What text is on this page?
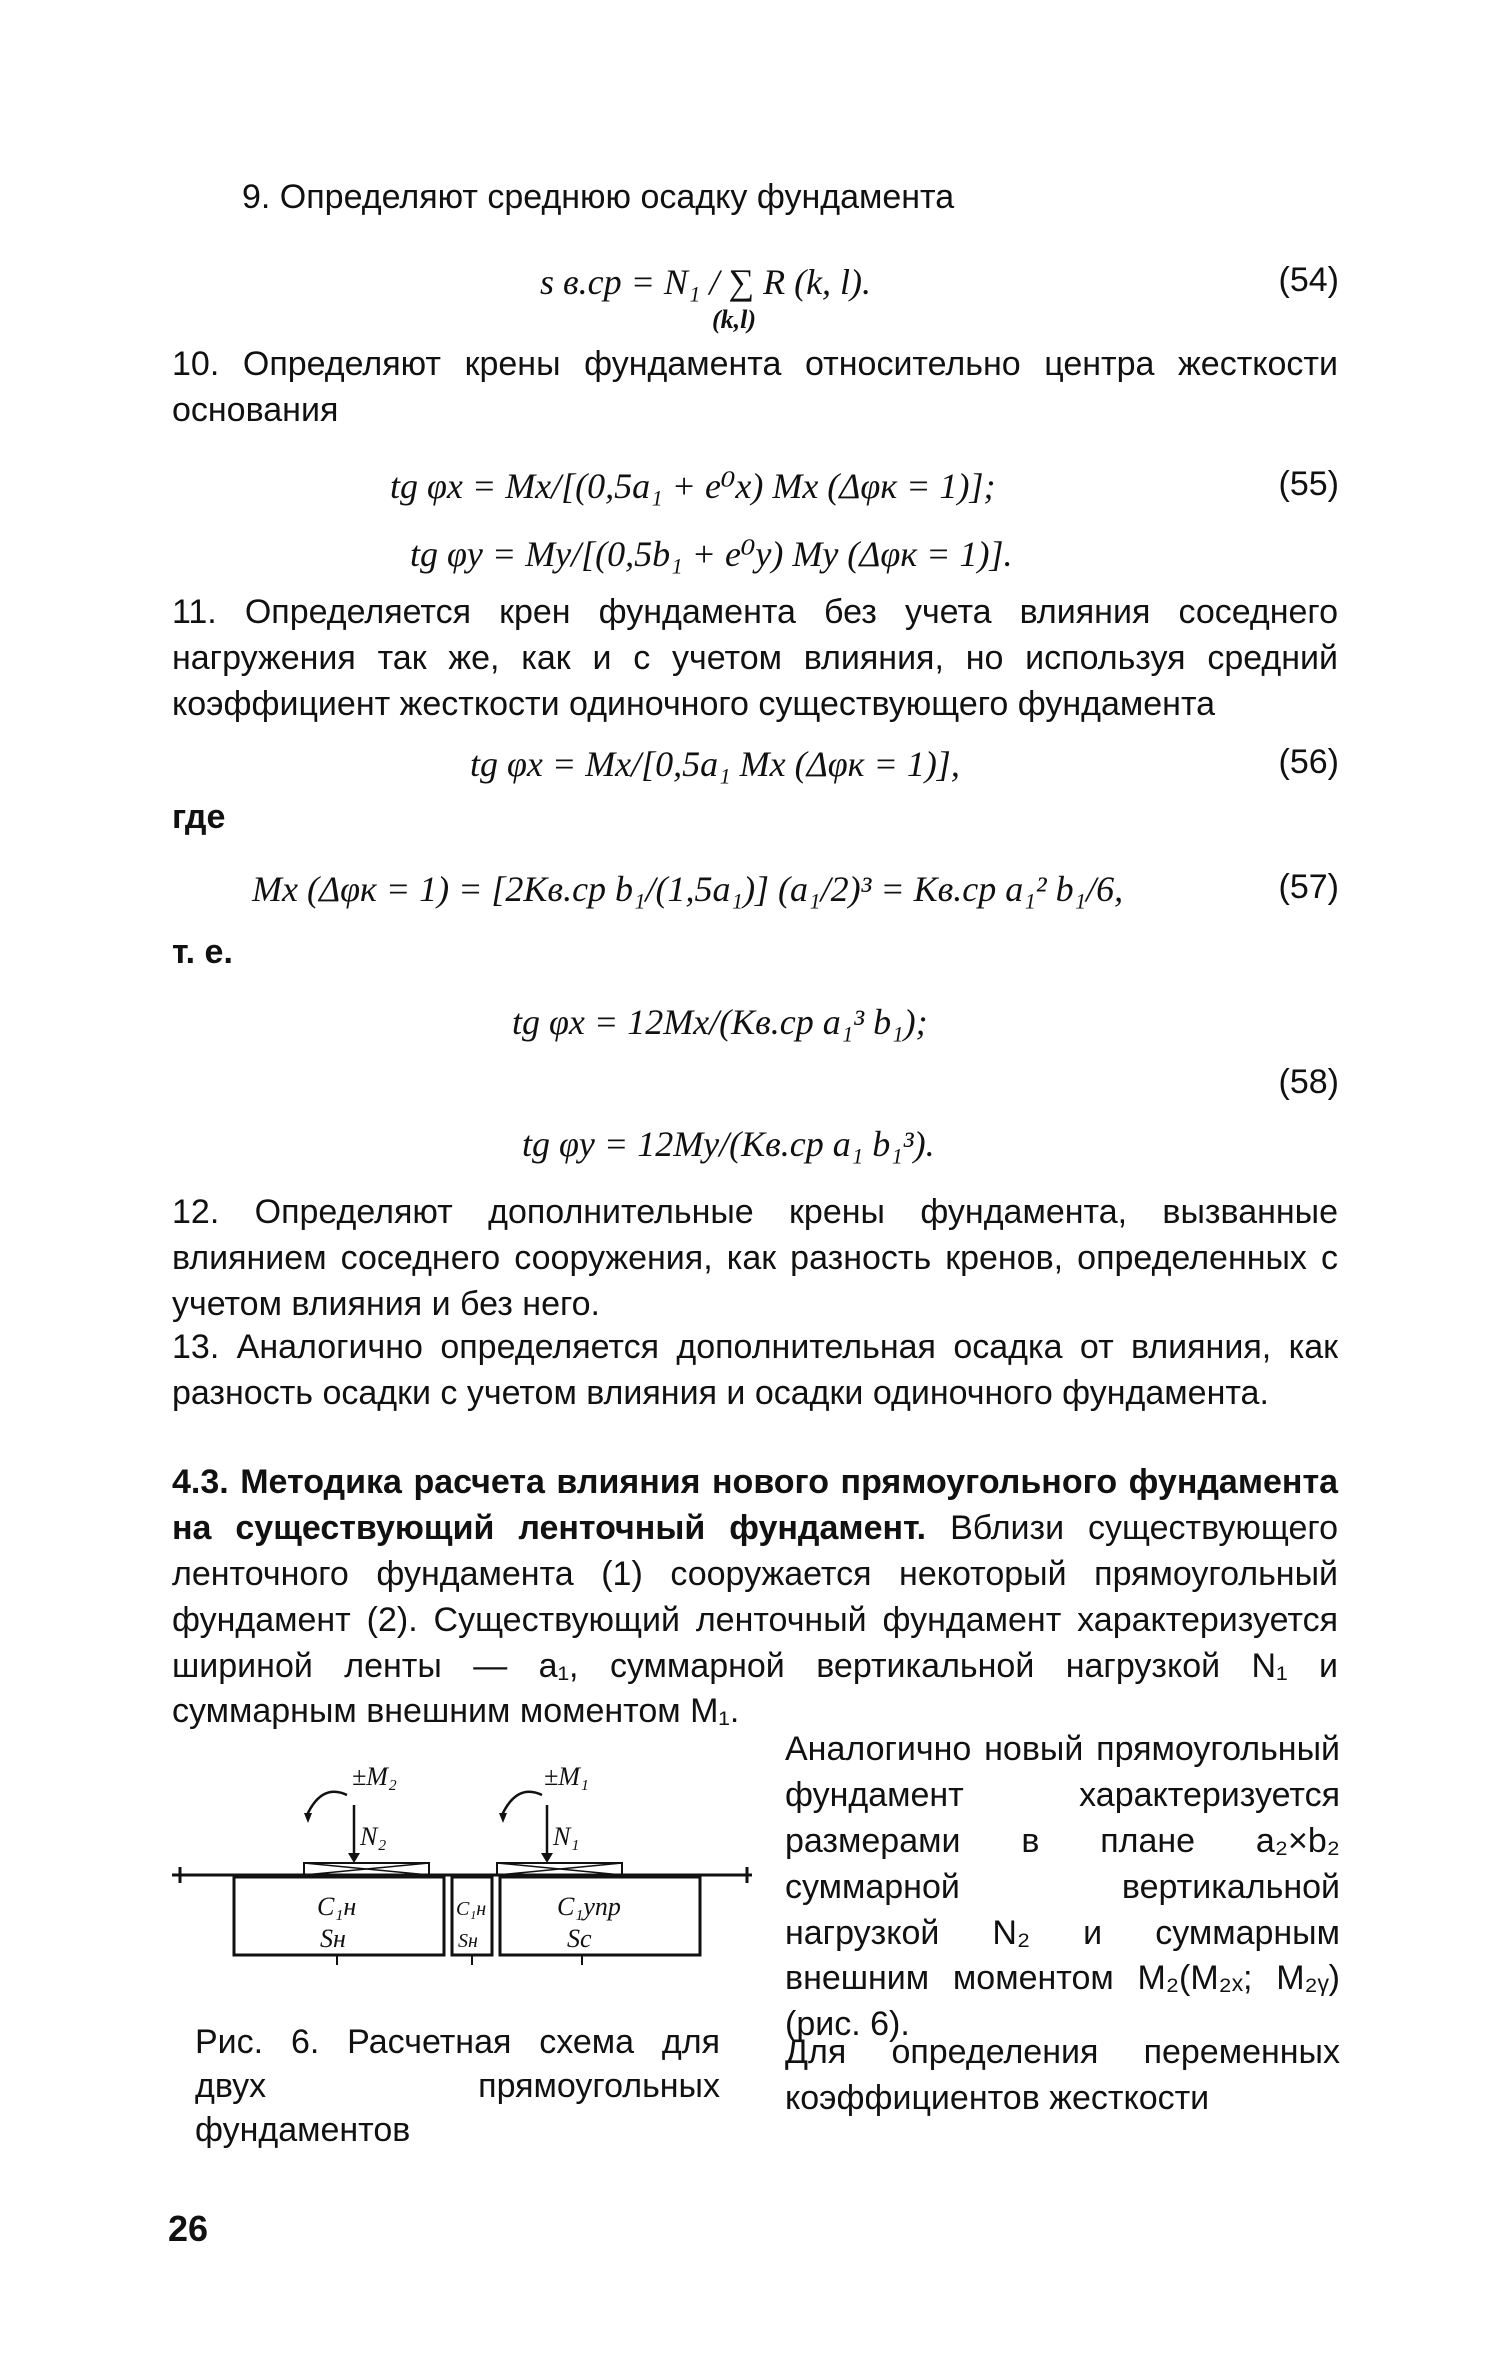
9. Определяют среднюю осадку фундамента

s в.ср = N₁ / ∑ R (k, l).
(k,l)
(54)

10. Определяют крены фундамента относительно центра жесткости основания

tg φx = Mx/[(0,5a₁ + e⁰x) Mx (Δφк = 1)];	(55)
tg φy = My/[(0,5b₁ + e⁰y) My (Δφк = 1)].

11. Определяется крен фундамента без учета влияния соседнего нагружения так же, как и с учетом влияния, но используя средний коэффициент жесткости одиночного существующего фундамента

tg φx = Mx/[0,5a₁ Mx (Δφк = 1)],	(56)

где

Mx (Δφк = 1) = [2Kв.ср b₁/(1,5a₁)] (a₁/2)³ = Kв.ср a₁² b₁/6,	(57)

т. е.

tg φx = 12Mx/(Kв.ср a₁³ b₁);
(58)
tg φy = 12My/(Kв.ср a₁ b₁³).

12. Определяют дополнительные крены фундамента, вызванные влиянием соседнего сооружения, как разность кренов, определенных с учетом влияния и без него.

13. Аналогично определяется дополнительная осадка от влияния, как разность осадки с учетом влияния и осадки одиночного фундамента.

4.3. Методика расчета влияния нового прямоугольного фундамента на существующий ленточный фундамент. Вблизи существующего ленточного фундамента (1) сооружается некоторый прямоугольный фундамент (2). Существующий ленточный фундамент характеризуется шириной ленты — a₁, суммарной вертикальной нагрузкой N₁ и суммарным внешним моментом M₁.

Аналогично новый прямоугольный фундамент характеризуется размерами в плане a₂×b₂ суммарной вертикальной нагрузкой N₂ и суммарным внешним моментом M₂(M₂ₓ; M₂ᵧ) (рис. 6).

Для определения переменных коэффициентов жесткости

±M₂	±M₁
N₂	N₁
C₁н
Sн
C₁н
Sн
C₁упр
Sc

Рис. 6. Расчетная схема для двух прямоугольных фундаментов

26
